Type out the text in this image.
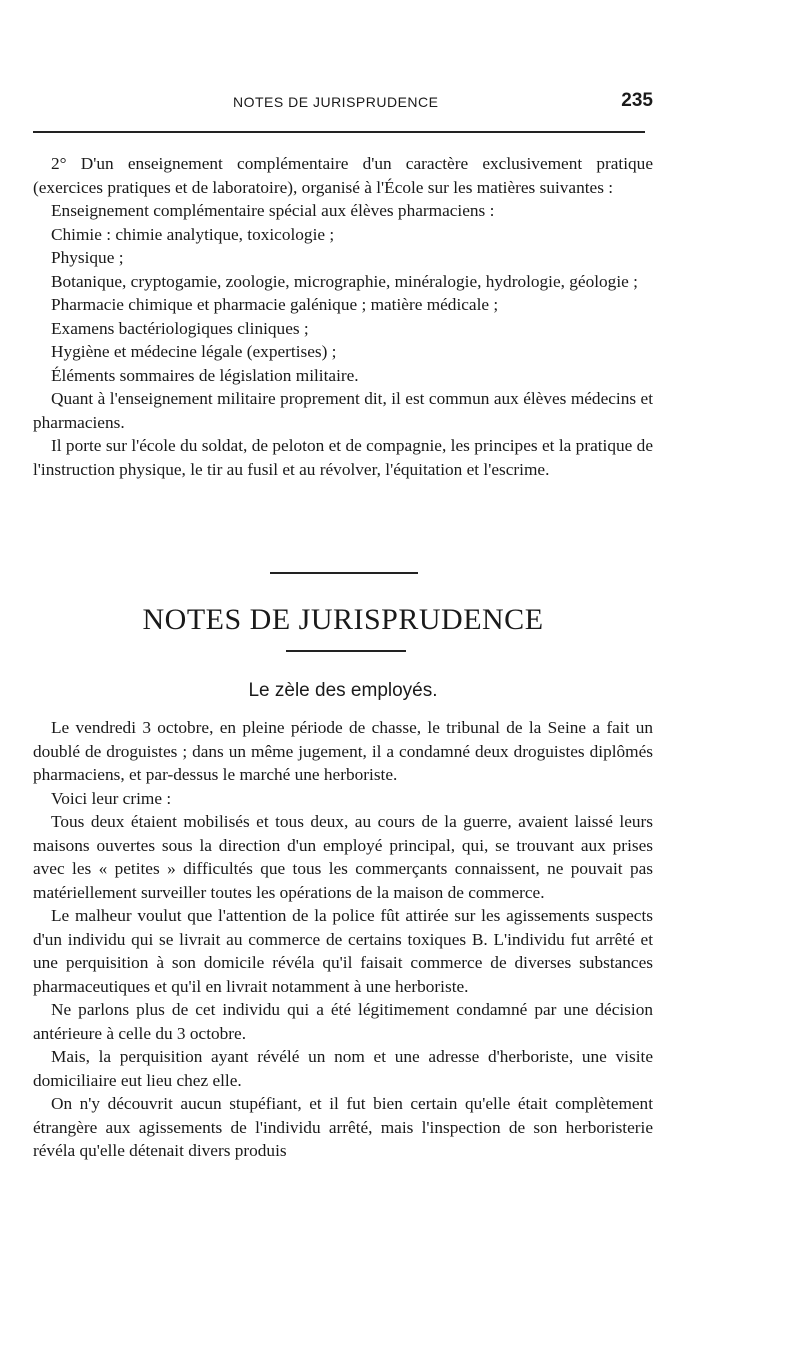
NOTES DE JURISPRUDENCE	235

2° D'un enseignement complémentaire d'un caractère exclusivement pratique (exercices pratiques et de laboratoire), organisé à l'École sur les matières suivantes :

Enseignement complémentaire spécial aux élèves pharmaciens :

Chimie : chimie analytique, toxicologie ;

Physique ;

Botanique, cryptogamie, zoologie, micrographie, minéralogie, hydrologie, géologie ;

Pharmacie chimique et pharmacie galénique ; matière médicale ;

Examens bactériologiques cliniques ;

Hygiène et médecine légale (expertises) ;

Éléments sommaires de législation militaire.

Quant à l'enseignement militaire proprement dit, il est commun aux élèves médecins et pharmaciens.

Il porte sur l'école du soldat, de peloton et de compagnie, les principes et la pratique de l'instruction physique, le tir au fusil et au révolver, l'équitation et l'escrime.

NOTES DE JURISPRUDENCE
Le zèle des employés.

Le vendredi 3 octobre, en pleine période de chasse, le tribunal de la Seine a fait un doublé de droguistes ; dans un même jugement, il a condamné deux droguistes diplômés pharmaciens, et par-dessus le marché une herboriste.

Voici leur crime :

Tous deux étaient mobilisés et tous deux, au cours de la guerre, avaient laissé leurs maisons ouvertes sous la direction d'un employé principal, qui, se trouvant aux prises avec les « petites » difficultés que tous les commerçants connaissent, ne pouvait pas matériellement surveiller toutes les opérations de la maison de commerce.

Le malheur voulut que l'attention de la police fût attirée sur les agissements suspects d'un individu qui se livrait au commerce de certains toxiques B. L'individu fut arrêté et une perquisition à son domicile révéla qu'il faisait commerce de diverses substances pharmaceutiques et qu'il en livrait notamment à une herboriste.

Ne parlons plus de cet individu qui a été légitimement condamné par une décision antérieure à celle du 3 octobre.

Mais, la perquisition ayant révélé un nom et une adresse d'herboriste, une visite domiciliaire eut lieu chez elle.

On n'y découvrit aucun stupéfiant, et il fut bien certain qu'elle était complètement étrangère aux agissements de l'individu arrêté, mais l'inspection de son herboristerie révéla qu'elle détenait divers produis
